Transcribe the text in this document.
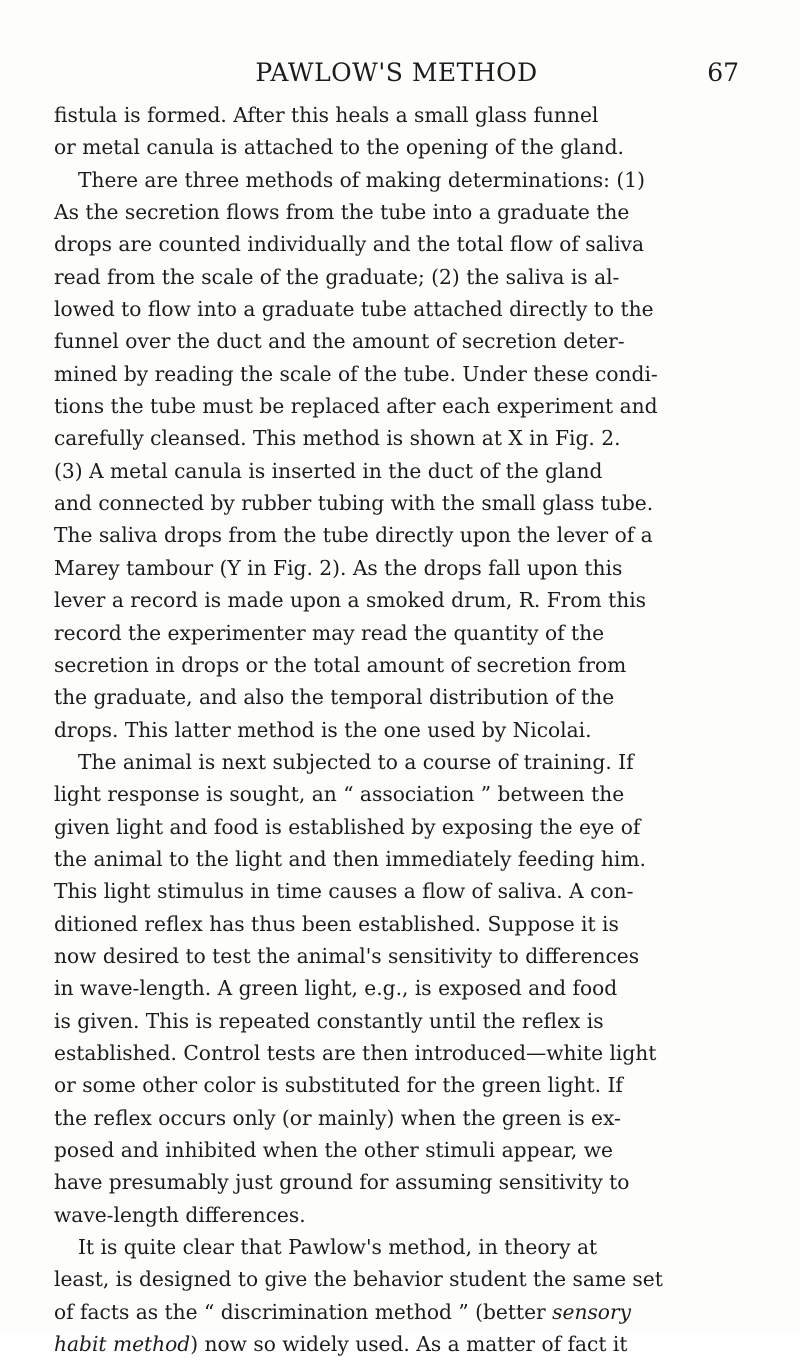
PAWLOW'S METHOD	67
fistula is formed. After this heals a small glass funnel
or metal canula is attached to the opening of the gland.
There are three methods of making determinations: (1)
As the secretion flows from the tube into a graduate the
drops are counted individually and the total flow of saliva
read from the scale of the graduate; (2) the saliva is al-
lowed to flow into a graduate tube attached directly to the
funnel over the duct and the amount of secretion deter-
mined by reading the scale of the tube. Under these condi-
tions the tube must be replaced after each experiment and
carefully cleansed. This method is shown at X in Fig. 2.
(3) A metal canula is inserted in the duct of the gland
and connected by rubber tubing with the small glass tube.
The saliva drops from the tube directly upon the lever of a
Marey tambour (Y in Fig. 2). As the drops fall upon this
lever a record is made upon a smoked drum, R. From this
record the experimenter may read the quantity of the
secretion in drops or the total amount of secretion from
the graduate, and also the temporal distribution of the
drops. This latter method is the one used by Nicolai.
The animal is next subjected to a course of training. If
light response is sought, an “ association ” between the
given light and food is established by exposing the eye of
the animal to the light and then immediately feeding him.
This light stimulus in time causes a flow of saliva. A con-
ditioned reflex has thus been established. Suppose it is
now desired to test the animal's sensitivity to differences
in wave-length. A green light, e.g., is exposed and food
is given. This is repeated constantly until the reflex is
established. Control tests are then introduced—white light
or some other color is substituted for the green light. If
the reflex occurs only (or mainly) when the green is ex-
posed and inhibited when the other stimuli appear, we
have presumably just ground for assuming sensitivity to
wave-length differences.
It is quite clear that Pawlow's method, in theory at
least, is designed to give the behavior student the same set
of facts as the “ discrimination method ” (better sensory
habit method) now so widely used. As a matter of fact it
